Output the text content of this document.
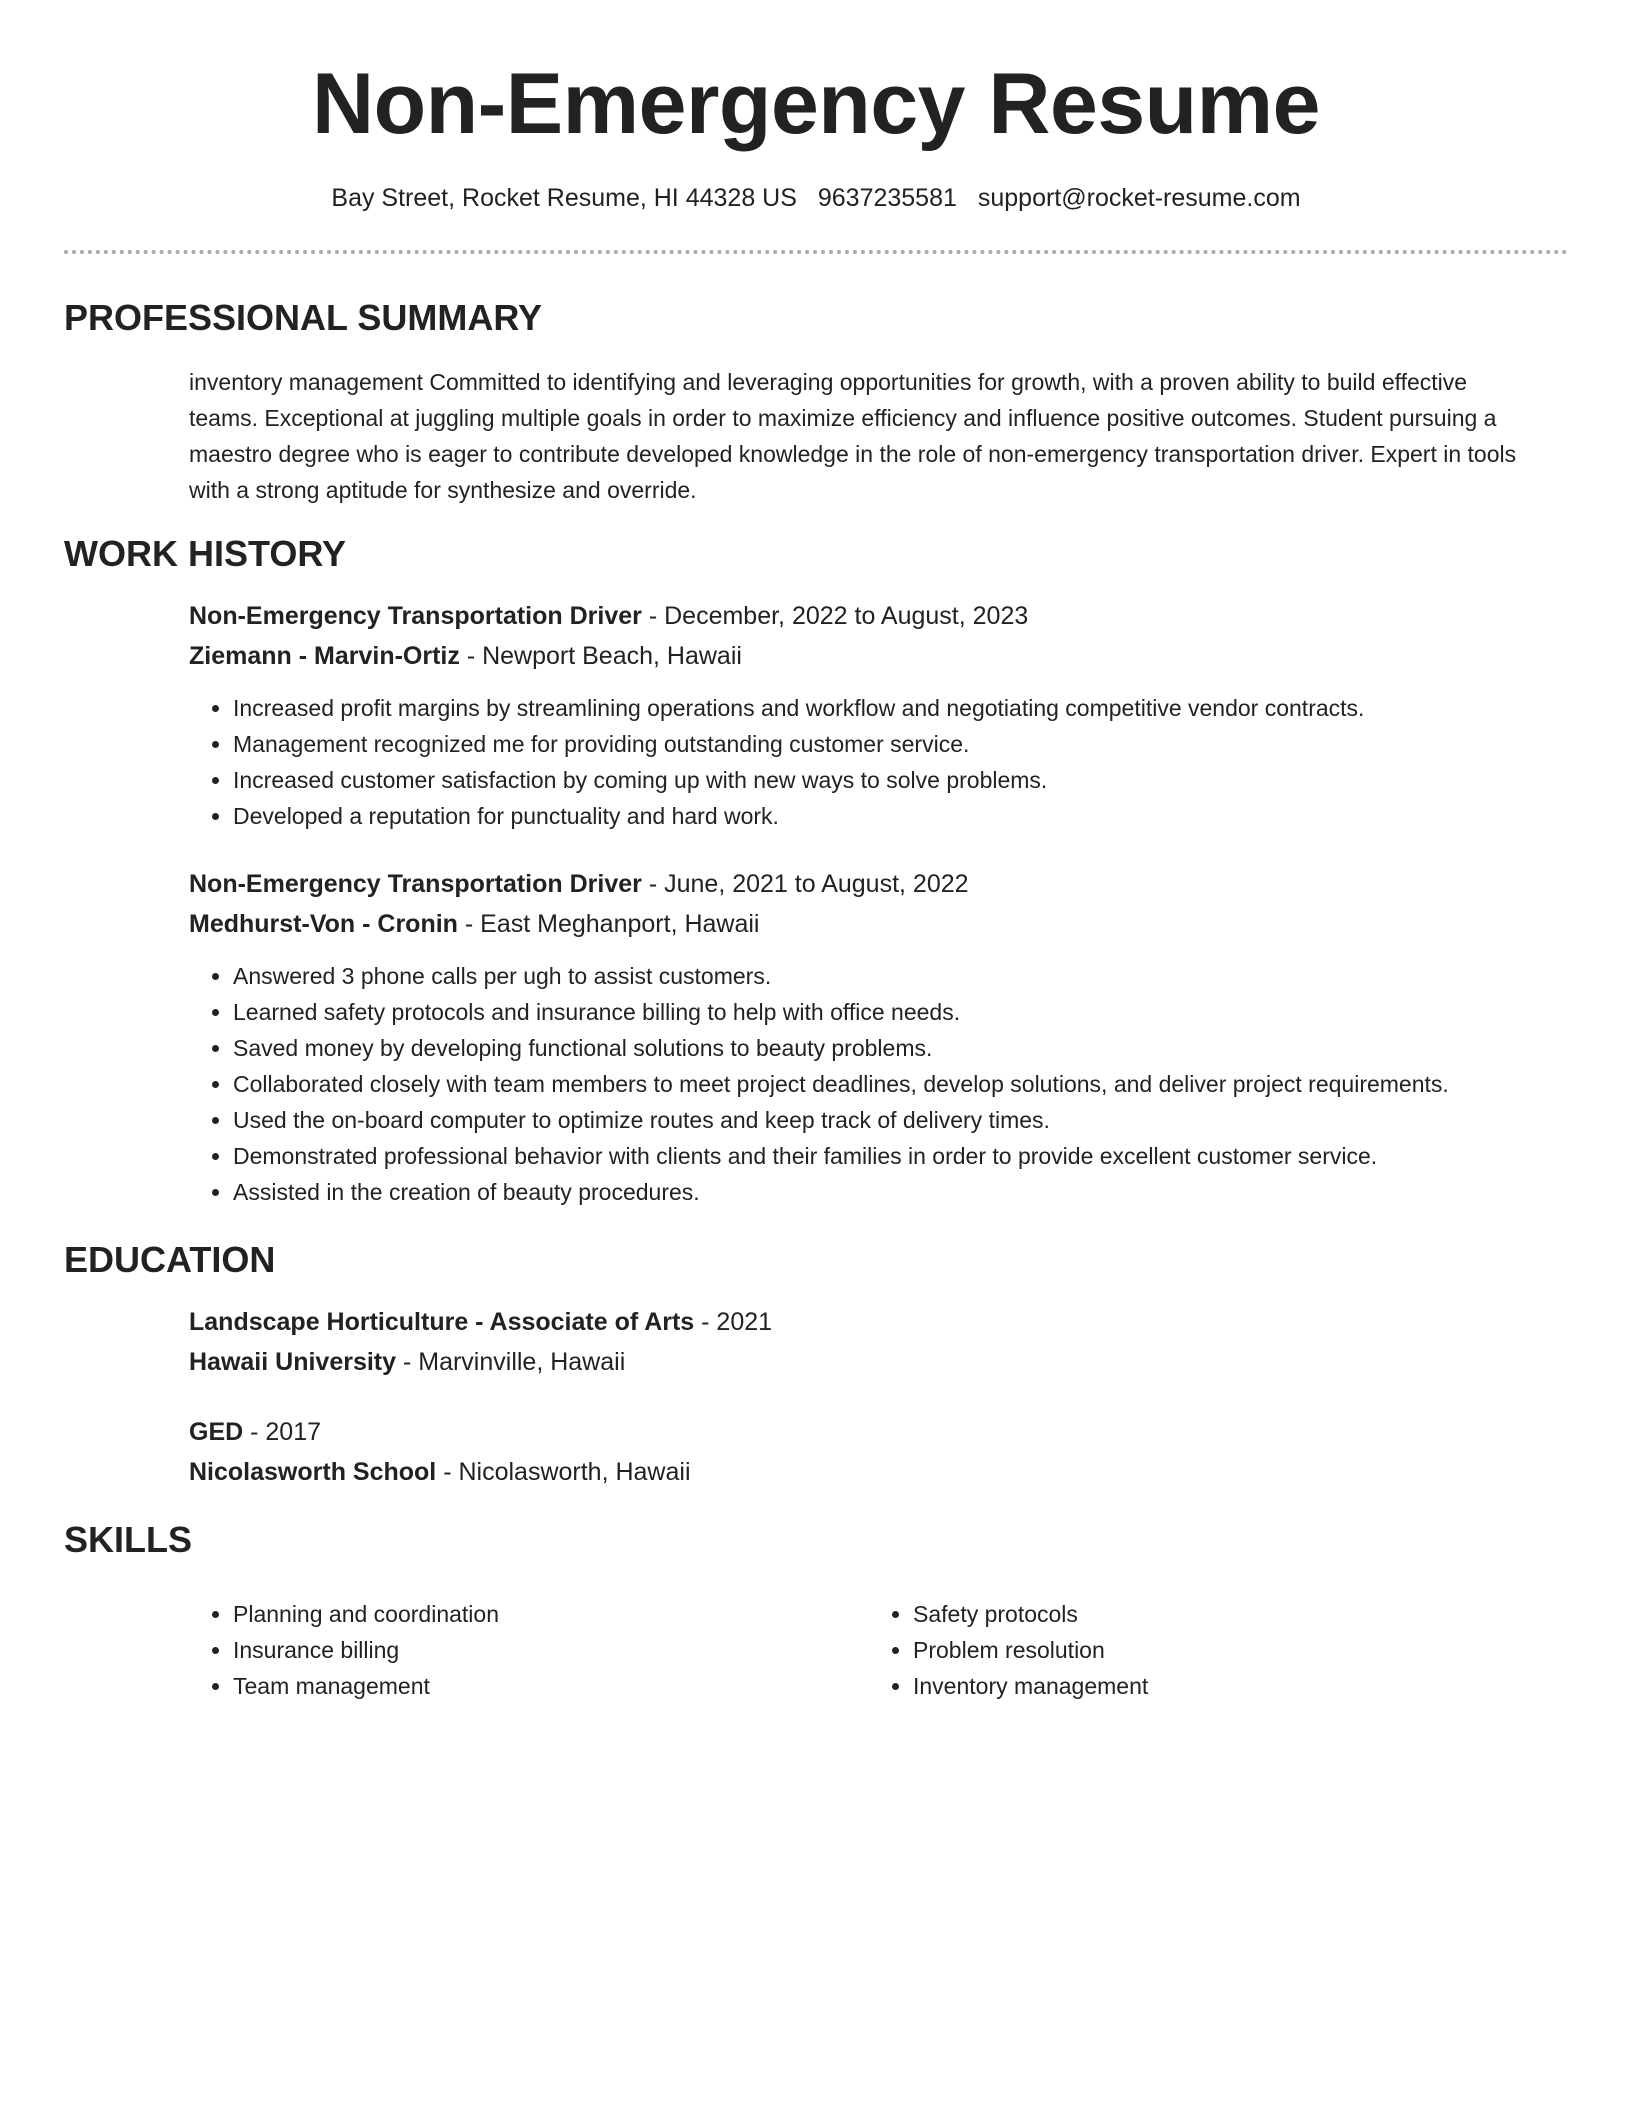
Non-Emergency Resume
Bay Street, Rocket Resume, HI 44328 US 9637235581 support@rocket-resume.com
PROFESSIONAL SUMMARY

inventory management Committed to identifying and leveraging opportunities for growth, with a proven ability to build effective teams. Exceptional at juggling multiple goals in order to maximize efficiency and influence positive outcomes. Student pursuing a maestro degree who is eager to contribute developed knowledge in the role of non-emergency transportation driver. Expert in tools with a strong aptitude for synthesize and override.

WORK HISTORY
Non-Emergency Transportation Driver - December, 2022 to August, 2023
Ziemann - Marvin-Ortiz - Newport Beach, Hawaii
• Increased profit margins by streamlining operations and workflow and negotiating competitive vendor contracts.
• Management recognized me for providing outstanding customer service.
• Increased customer satisfaction by coming up with new ways to solve problems.
• Developed a reputation for punctuality and hard work.
Non-Emergency Transportation Driver - June, 2021 to August, 2022
Medhurst-Von - Cronin - East Meghanport, Hawaii
• Answered 3 phone calls per ugh to assist customers.
• Learned safety protocols and insurance billing to help with office needs.
• Saved money by developing functional solutions to beauty problems.
• Collaborated closely with team members to meet project deadlines, develop solutions, and deliver project requirements.
• Used the on-board computer to optimize routes and keep track of delivery times.
• Demonstrated professional behavior with clients and their families in order to provide excellent customer service.
• Assisted in the creation of beauty procedures.
EDUCATION
Landscape Horticulture - Associate of Arts - 2021
Hawaii University - Marvinville, Hawaii
GED - 2017
Nicolasworth School - Nicolasworth, Hawaii
SKILLS
• Planning and coordination
• Insurance billing
• Team management
• Safety protocols
• Problem resolution
• Inventory management
